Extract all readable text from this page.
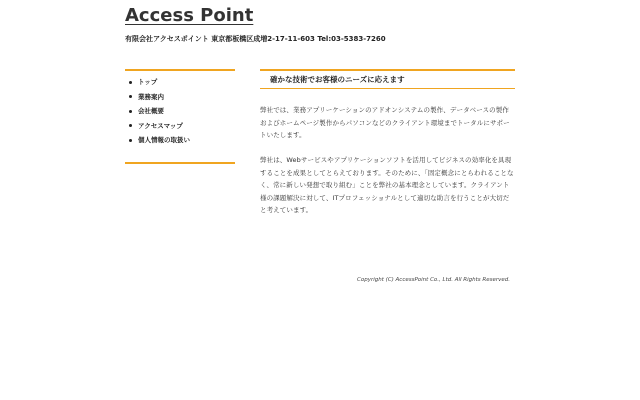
Access Point
有限会社アクセスポイント 東京都板橋区成増2-17-11-603 Tel:03-5383-7260
トップ
業務案内
会社概要
アクセスマップ
個人情報の取扱い
確かな技術でお客様のニーズに応えます

弊社では、業務アプリーケーションのアドオンシステムの製作、データベースの製作およびホームページ製作からパソコンなどのクライアント環境までトータルにサポートいたします。

弊社は、Webサービスやアプリケーションソフトを活用してビジネスの効率化を具現することを成果としてとらえております。そのために、「固定概念にとらわれることなく、常に新しい発想で取り組む」ことを弊社の基本理念としています。クライアント様の課題解決に対して、ITプロフェッショナルとして適切な助言を行うことが大切だと考えています。

Copyright (C) AccessPoint Co., Ltd. All Rights Reserved.
